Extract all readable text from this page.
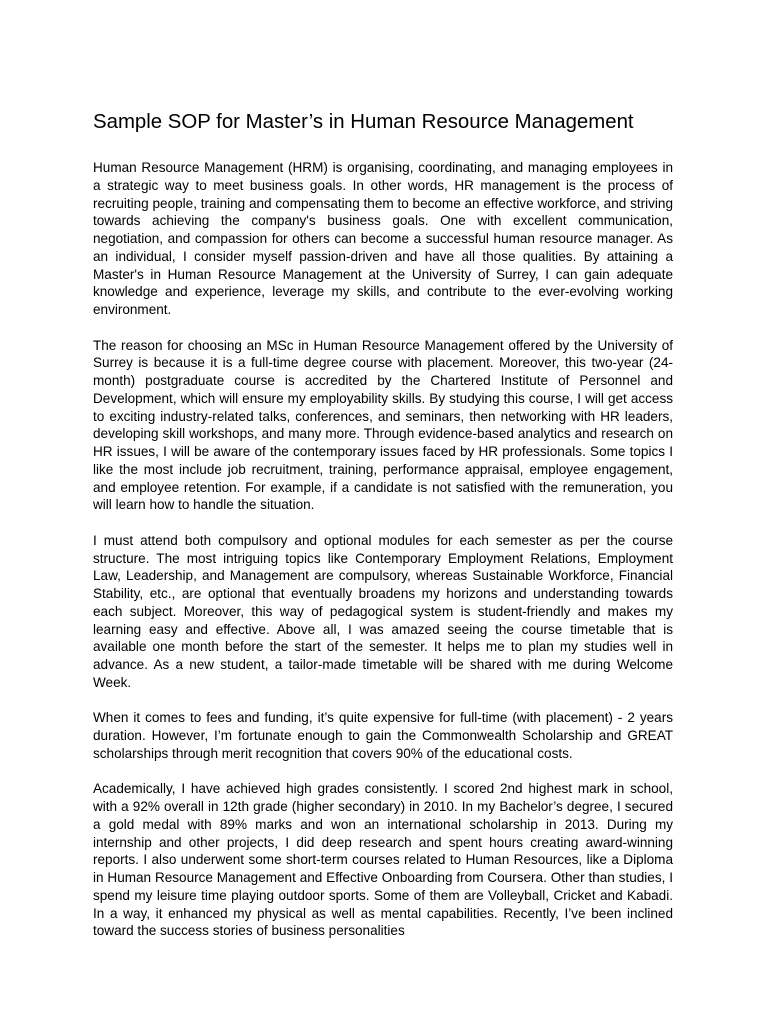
Sample SOP for Master’s in Human Resource Management

Human Resource Management (HRM) is organising, coordinating, and managing employees in a strategic way to meet business goals. In other words, HR management is the process of recruiting people, training and compensating them to become an effective workforce, and striving towards achieving the company's business goals. One with excellent communication, negotiation, and compassion for others can become a successful human resource manager. As an individual, I consider myself passion-driven and have all those qualities. By attaining a Master's in Human Resource Management at the University of Surrey, I can gain adequate knowledge and experience, leverage my skills, and contribute to the ever-evolving working environment.

The reason for choosing an MSc in Human Resource Management offered by the University of Surrey is because it is a full-time degree course with placement. Moreover, this two-year (24-month) postgraduate course is accredited by the Chartered Institute of Personnel and Development, which will ensure my employability skills. By studying this course, I will get access to exciting industry-related talks, conferences, and seminars, then networking with HR leaders, developing skill workshops, and many more. Through evidence-based analytics and research on HR issues, I will be aware of the contemporary issues faced by HR professionals. Some topics I like the most include job recruitment, training, performance appraisal, employee engagement, and employee retention. For example, if a candidate is not satisfied with the remuneration, you will learn how to handle the situation.

I must attend both compulsory and optional modules for each semester as per the course structure. The most intriguing topics like Contemporary Employment Relations, Employment Law, Leadership, and Management are compulsory, whereas Sustainable Workforce, Financial Stability, etc., are optional that eventually broadens my horizons and understanding towards each subject. Moreover, this way of pedagogical system is student-friendly and makes my learning easy and effective. Above all, I was amazed seeing the course timetable that is available one month before the start of the semester. It helps me to plan my studies well in advance. As a new student, a tailor-made timetable will be shared with me during Welcome Week.

When it comes to fees and funding, it’s quite expensive for full-time (with placement) - 2 years duration. However, I’m fortunate enough to gain the Commonwealth Scholarship and GREAT scholarships through merit recognition that covers 90% of the educational costs.

Academically, I have achieved high grades consistently. I scored 2nd highest mark in school, with a 92% overall in 12th grade (higher secondary) in 2010. In my Bachelor’s degree, I secured a gold medal with 89% marks and won an international scholarship in 2013. During my internship and other projects, I did deep research and spent hours creating award-winning reports. I also underwent some short-term courses related to Human Resources, like a Diploma in Human Resource Management and Effective Onboarding from Coursera. Other than studies, I spend my leisure time playing outdoor sports. Some of them are Volleyball, Cricket and Kabadi. In a way, it enhanced my physical as well as mental capabilities. Recently, I’ve been inclined toward the success stories of business personalities
